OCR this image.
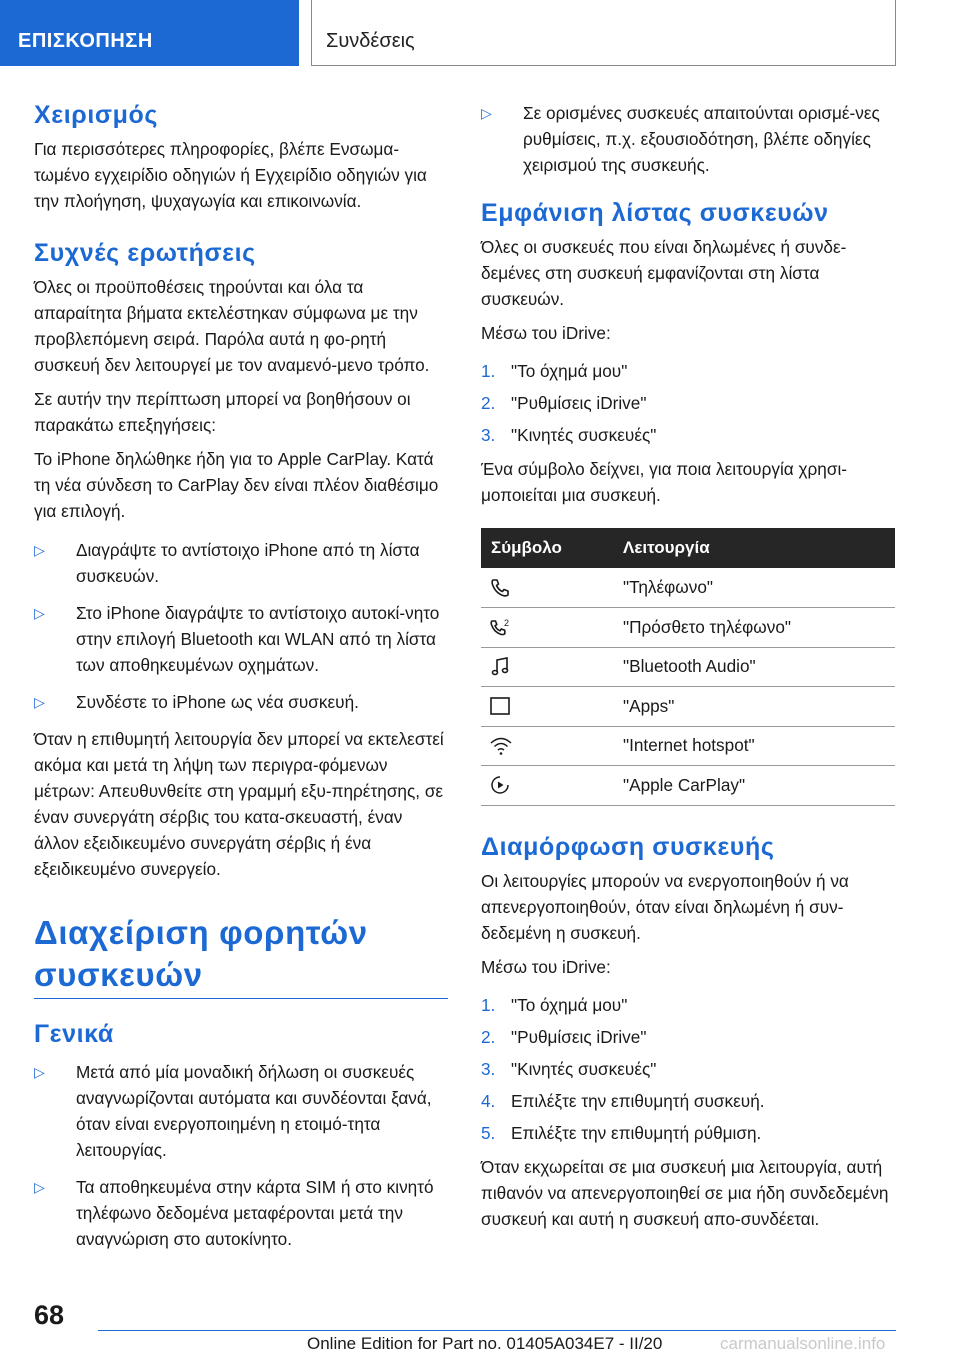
ΕΠΙΣΚΟΠΗΣΗ	Συνδέσεις
Χειρισμός

Για περισσότερες πληροφορίες, βλέπε Ενσωμα-τωμένο εγχειρίδιο οδηγιών ή Εγχειρίδιο οδηγιών για την πλοήγηση, ψυχαγωγία και επικοινωνία.

Συχνές ερωτήσεις

Όλες οι προϋποθέσεις τηρούνται και όλα τα απαραίτητα βήματα εκτελέστηκαν σύμφωνα με την προβλεπόμενη σειρά. Παρόλα αυτά η φο-ρητή συσκευή δεν λειτουργεί με τον αναμενό-μενο τρόπο.

Σε αυτήν την περίπτωση μπορεί να βοηθήσουν οι παρακάτω επεξηγήσεις:

Το iPhone δηλώθηκε ήδη για το Apple CarPlay. Κατά τη νέα σύνδεση το CarPlay δεν είναι πλέον διαθέσιμο για επιλογή.

▷ Διαγράψτε το αντίστοιχο iPhone από τη λίστα συσκευών.
▷ Στο iPhone διαγράψτε το αντίστοιχο αυτοκί-νητο στην επιλογή Bluetooth και WLAN από τη λίστα των αποθηκευμένων οχημάτων.
▷ Συνδέστε το iPhone ως νέα συσκευή.

Όταν η επιθυμητή λειτουργία δεν μπορεί να εκτελεστεί ακόμα και μετά τη λήψη των περιγρα-φόμενων μέτρων: Απευθυνθείτε στη γραμμή εξυ-πηρέτησης, σε έναν συνεργάτη σέρβις του κατα-σκευαστή, έναν άλλον εξειδικευμένο συνεργάτη σέρβις ή ένα εξειδικευμένο συνεργείο.

Διαχείριση φορητών
συσκευών
Γενικά
▷ Μετά από μία μοναδική δήλωση οι συσκευές αναγνωρίζονται αυτόματα και συνδέονται ξανά, όταν είναι ενεργοποιημένη η ετοιμό-τητα λειτουργίας.
▷ Τα αποθηκευμένα στην κάρτα SIM ή στο κινητό τηλέφωνο δεδομένα μεταφέρονται μετά την αναγνώριση στο αυτοκίνητο.
▷ Σε ορισμένες συσκευές απαιτούνται ορισμέ-νες ρυθμίσεις, π.χ. εξουσιοδότηση, βλέπε οδηγίες χειρισμού της συσκευής.
Εμφάνιση λίστας συσκευών

Όλες οι συσκευές που είναι δηλωμένες ή συνδε-δεμένες στη συσκευή εμφανίζονται στη λίστα συσκευών.

Μέσω του iDrive:

1. "Το όχημά μου"
2. "Ρυθμίσεις iDrive"
3. "Κινητές συσκευές"

Ένα σύμβολο δείχνει, για ποια λειτουργία χρησι-μοποιείται μια συσκευή.

Σύμβολο	Λειτουργία

	"Τηλέφωνο"

2	"Πρόσθετο τηλέφωνο"

	"Bluetooth Audio"

	"Apps"

	"Internet hotspot"

	"Apple CarPlay"
Διαμόρφωση συσκευής

Οι λειτουργίες μπορούν να ενεργοποιηθούν ή να απενεργοποιηθούν, όταν είναι δηλωμένη ή συν-δεδεμένη η συσκευή.

Μέσω του iDrive:

1. "Το όχημά μου"
2. "Ρυθμίσεις iDrive"
3. "Κινητές συσκευές"
4. Επιλέξτε την επιθυμητή συσκευή.
5. Επιλέξτε την επιθυμητή ρύθμιση.

Όταν εκχωρείται σε μια συσκευή μια λειτουργία, αυτή πιθανόν να απενεργοποιηθεί σε μια ήδη συνδεδεμένη συσκευή και αυτή η συσκευή απο-συνδέεται.

68
Online Edition for Part no. 01405A034E7 - II/20	carmanualsonline.info
